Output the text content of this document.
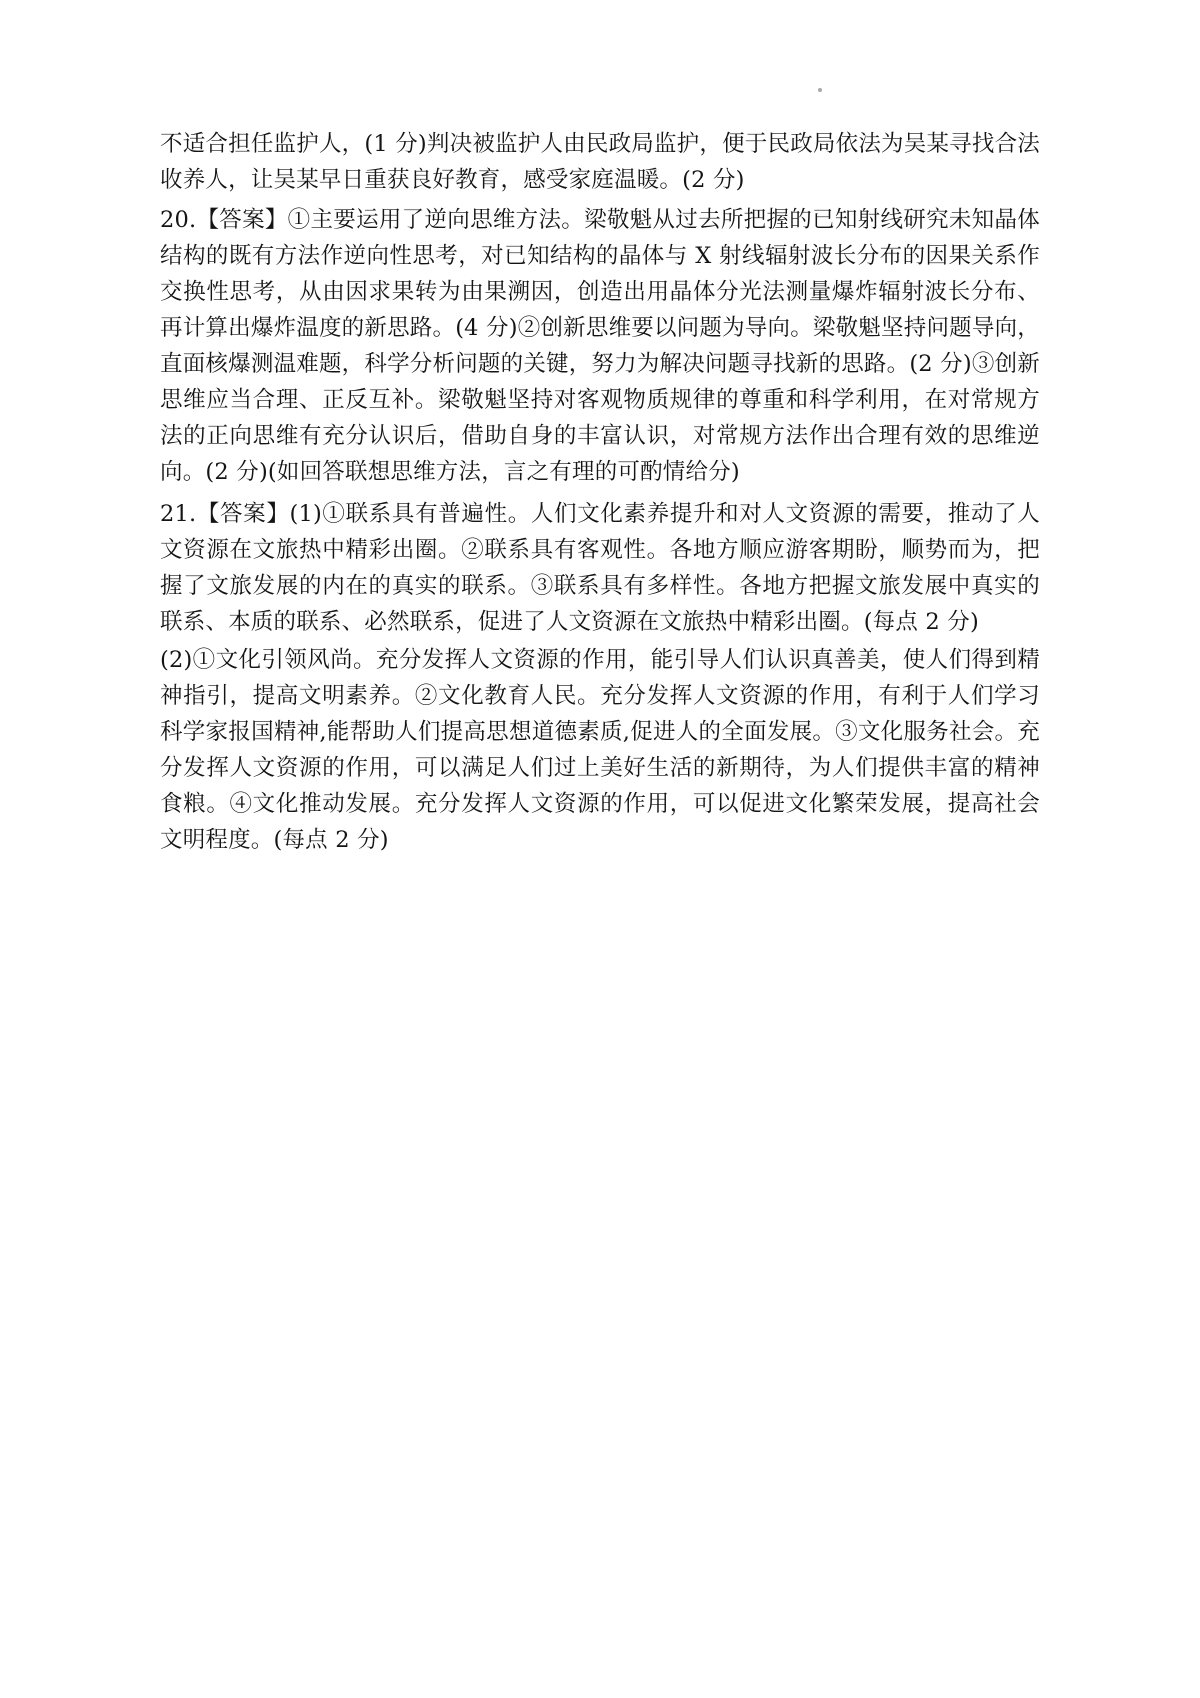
不适合担任监护人，(1 分)判决被监护人由民政局监护，便于民政局依法为吴某寻找合法收养人，让吴某早日重获良好教育，感受家庭温暖。(2 分)

20.【答案】①主要运用了逆向思维方法。梁敬魁从过去所把握的已知射线研究未知晶体结构的既有方法作逆向性思考，对已知结构的晶体与 X 射线辐射波长分布的因果关系作交换性思考，从由因求果转为由果溯因，创造出用晶体分光法测量爆炸辐射波长分布、再计算出爆炸温度的新思路。(4 分)②创新思维要以问题为导向。梁敬魁坚持问题导向，直面核爆测温难题，科学分析问题的关键，努力为解决问题寻找新的思路。(2 分)③创新思维应当合理、正反互补。梁敬魁坚持对客观物质规律的尊重和科学利用，在对常规方法的正向思维有充分认识后，借助自身的丰富认识，对常规方法作出合理有效的思维逆向。(2 分)(如回答联想思维方法，言之有理的可酌情给分)

21.【答案】(1)①联系具有普遍性。人们文化素养提升和对人文资源的需要，推动了人文资源在文旅热中精彩出圈。②联系具有客观性。各地方顺应游客期盼，顺势而为，把握了文旅发展的内在的真实的联系。③联系具有多样性。各地方把握文旅发展中真实的联系、本质的联系、必然联系，促进了人文资源在文旅热中精彩出圈。(每点 2 分)

(2)①文化引领风尚。充分发挥人文资源的作用，能引导人们认识真善美，使人们得到精神指引，提高文明素养。②文化教育人民。充分发挥人文资源的作用，有利于人们学习科学家报国精神,能帮助人们提高思想道德素质,促进人的全面发展。③文化服务社会。充分发挥人文资源的作用，可以满足人们过上美好生活的新期待，为人们提供丰富的精神食粮。④文化推动发展。充分发挥人文资源的作用，可以促进文化繁荣发展，提高社会文明程度。(每点 2 分)
